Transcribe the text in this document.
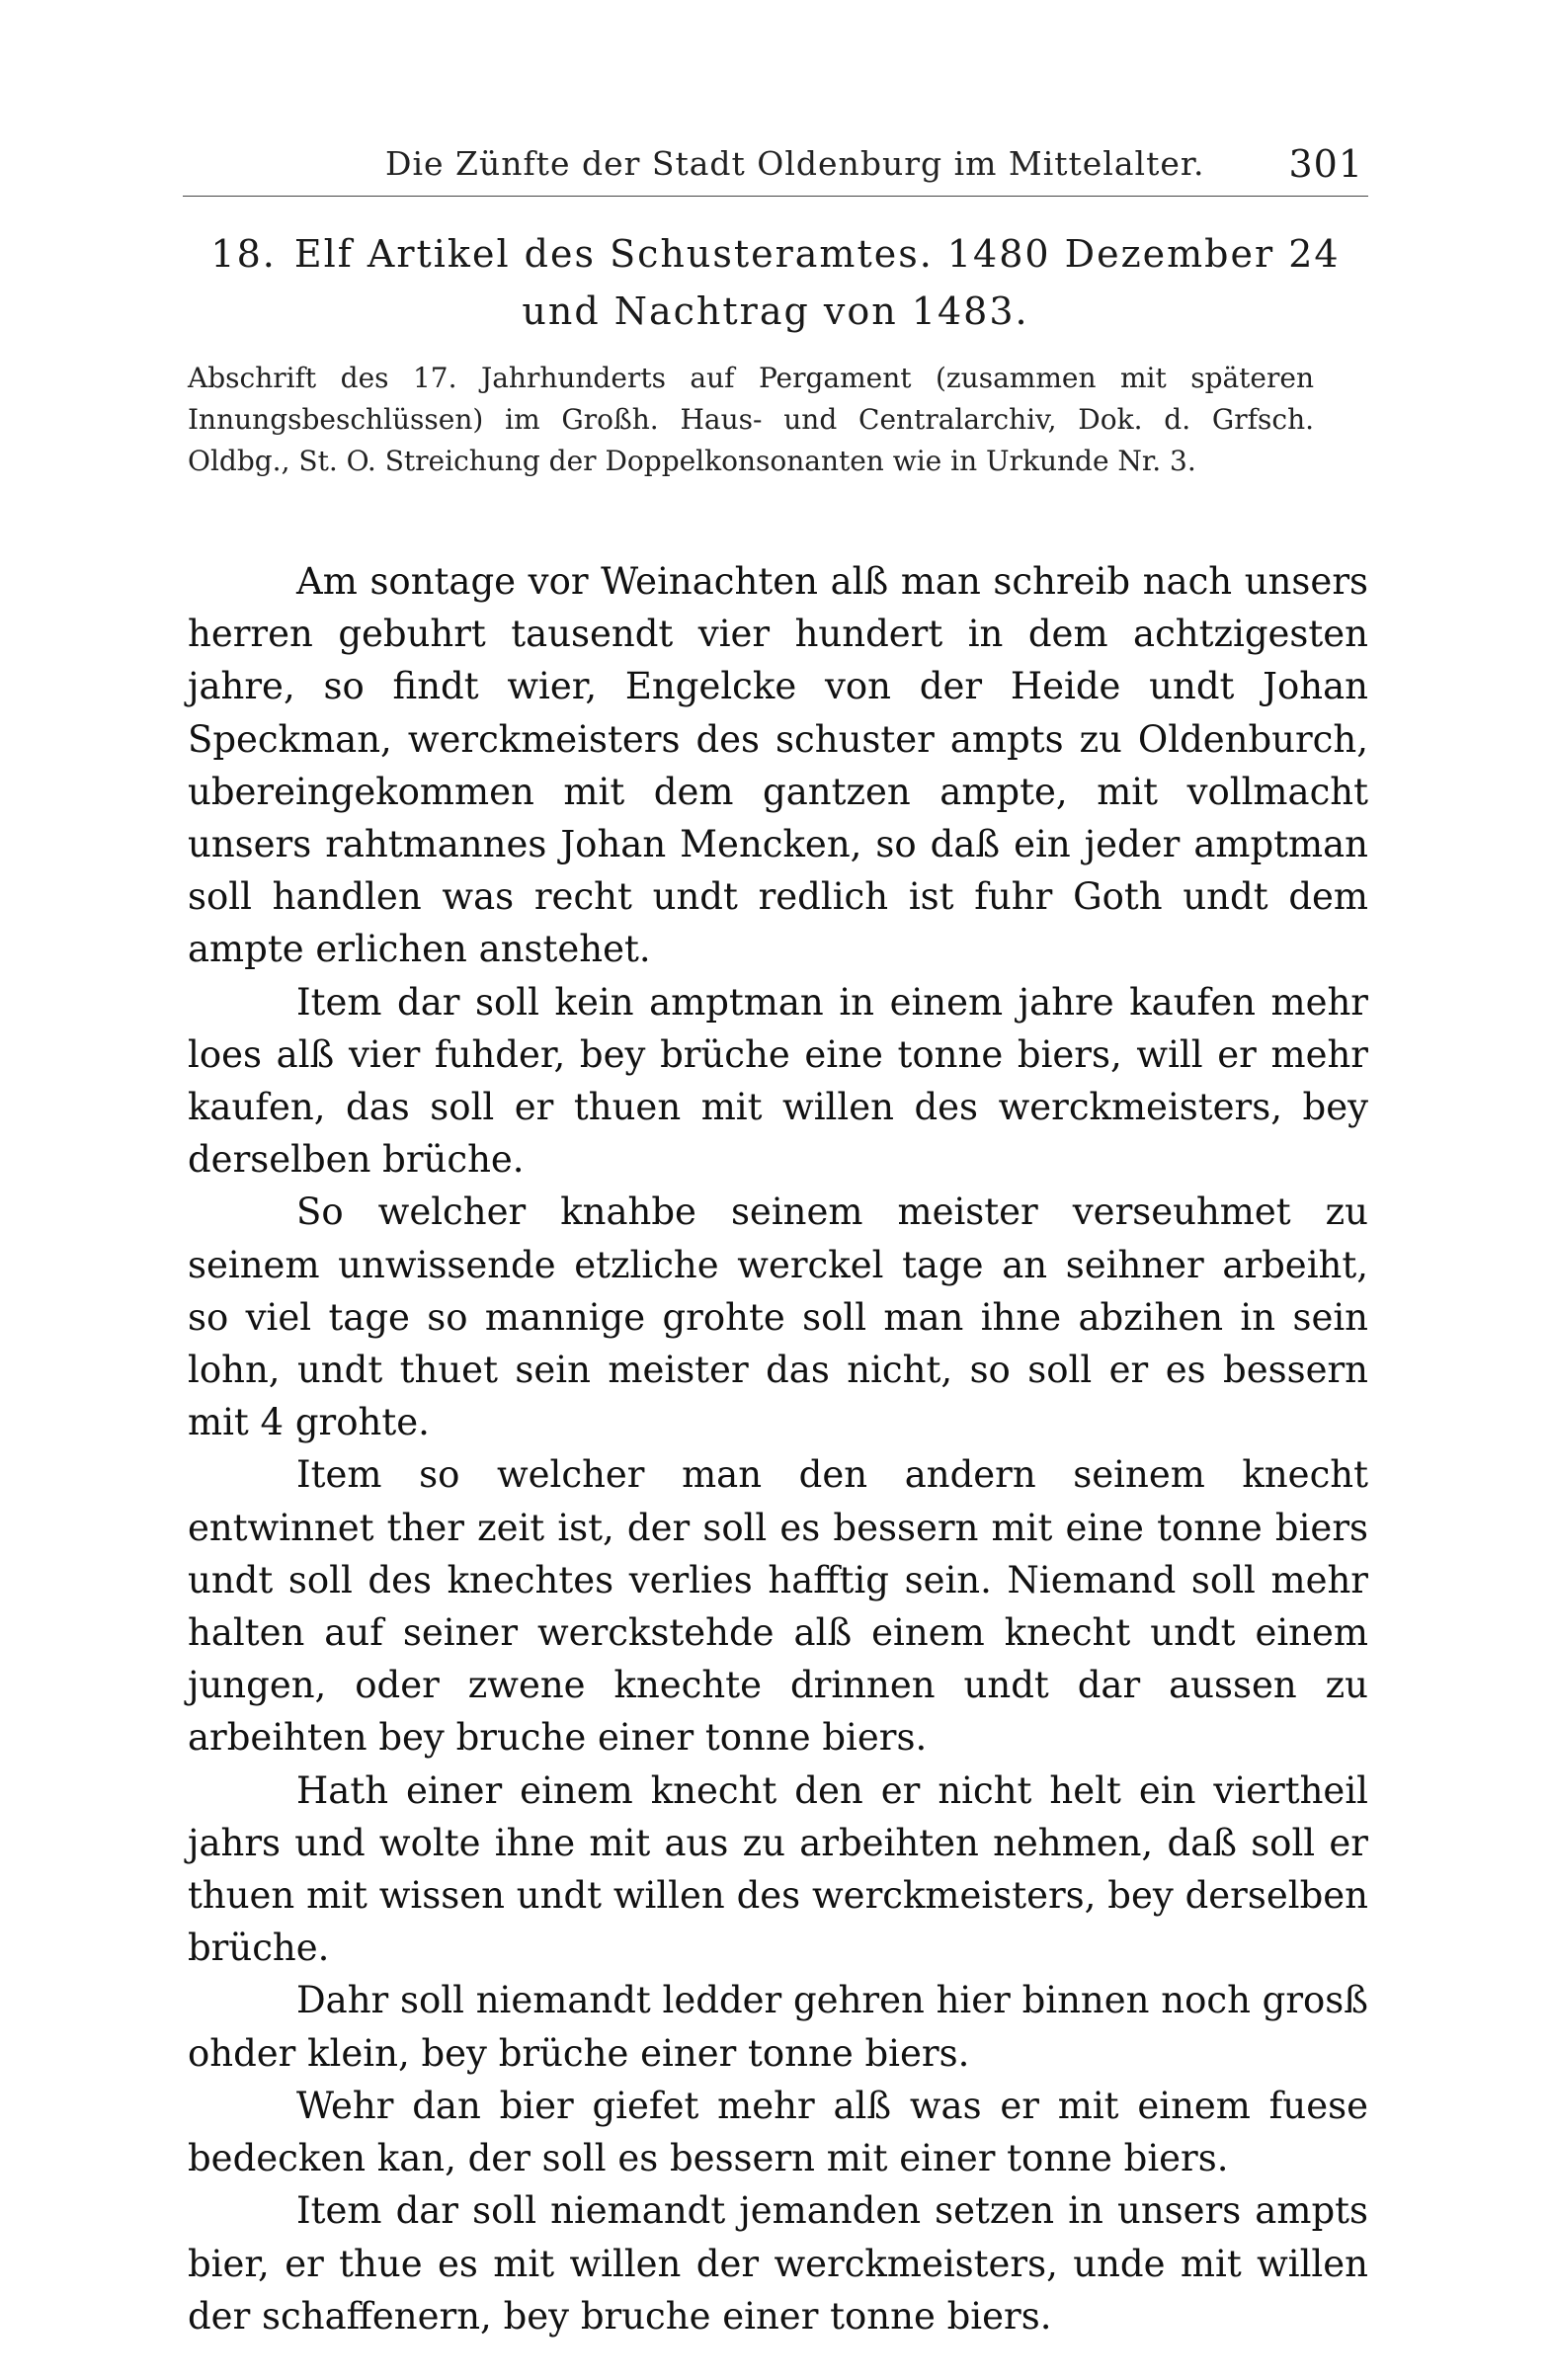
Die Zünfte der Stadt Oldenburg im Mittelalter. 301
18. Elf Artikel des Schusteramtes. 1480 Dezember 24
und Nachtrag von 1483.
Abschrift des 17. Jahrhunderts auf Pergament (zusammen mit späteren Innungsbeschlüssen) im Großh. Haus- und Centralarchiv, Dok. d. Grfsch. Oldbg., St. O. Streichung der Doppelkonsonanten wie in Urkunde Nr. 3.

Am sontage vor Weinachten alß man schreib nach unsers herren gebuhrt tausendt vier hundert in dem achtzigesten jahre, so findt wier, Engelcke von der Heide undt Johan Speckman, werckmeisters des schuster ampts zu Oldenburch, ubereingekommen mit dem gantzen ampte, mit vollmacht unsers rahtmannes Johan Mencken, so daß ein jeder amptman soll handlen was recht undt redlich ist fuhr Goth undt dem ampte erlichen anstehet.

Item dar soll kein amptman in einem jahre kaufen mehr loes alß vier fuhder, bey brüche eine tonne biers, will er mehr kaufen, das soll er thuen mit willen des werckmeisters, bey derselben brüche.

So welcher knahbe seinem meister verseuhmet zu seinem unwissende etzliche werckel tage an seihner arbeiht, so viel tage so mannige grohte soll man ihne abzihen in sein lohn, undt thuet sein meister das nicht, so soll er es bessern mit 4 grohte.

Item so welcher man den andern seinem knecht entwinnet ther zeit ist, der soll es bessern mit eine tonne biers undt soll des knechtes verlies hafftig sein. Niemand soll mehr halten auf seiner werckstehde alß einem knecht undt einem jungen, oder zwene knechte drinnen undt dar aussen zu arbeihten bey bruche einer tonne biers.

Hath einer einem knecht den er nicht helt ein viertheil jahrs und wolte ihne mit aus zu arbeihten nehmen, daß soll er thuen mit wissen undt willen des werckmeisters, bey derselben brüche.

Dahr soll niemandt ledder gehren hier binnen noch grosß ohder klein, bey brüche einer tonne biers.

Wehr dan bier giefet mehr alß was er mit einem fuese bedecken kan, der soll es bessern mit einer tonne biers.

Item dar soll niemandt jemanden setzen in unsers ampts bier, er thue es mit willen der werckmeisters, unde mit willen der schaffenern, bey bruche einer tonne biers.
